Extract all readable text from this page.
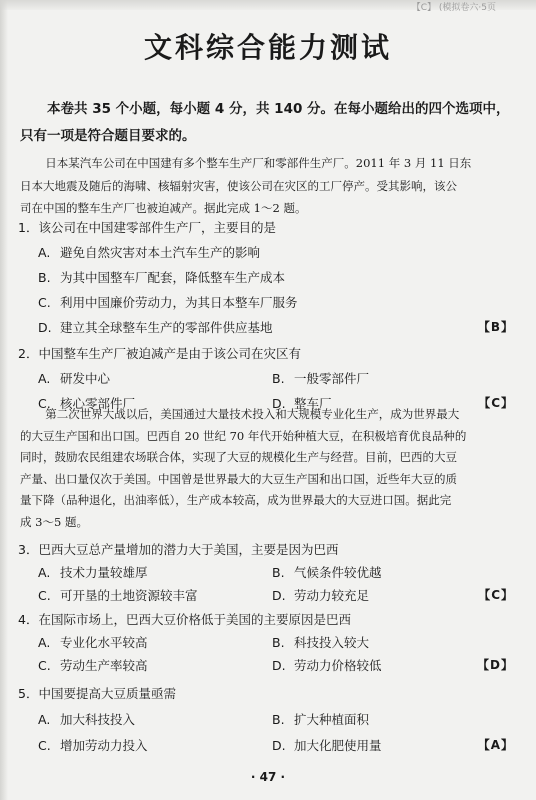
【C】 (模拟卷六·5页
文科综合能力测试
本卷共 35 个小题，每小题 4 分，共 140 分。在每小题给出的四个选项中，只有一项是符合题目要求的。
日本某汽车公司在中国建有多个整车生产厂和零部件生产厂。2011 年 3 月 11 日东
日本大地震及随后的海啸、核辐射灾害，使该公司在灾区的工厂停产。受其影响，该公
司在中国的整车生产厂也被迫减产。据此完成 1～2 题。
1．该公司在中国建零部件生产厂，主要目的是
A. 避免自然灾害对本土汽车生产的影响
B. 为其中国整车厂配套，降低整车生产成本
C. 利用中国廉价劳动力，为其日本整车厂服务
D. 建立其全球整车生产的零部件供应基地	【B】
2．中国整车生产厂被迫减产是由于该公司在灾区有
A. 研发中心	B. 一般零部件厂
C. 核心零部件厂	D. 整车厂	【C】
第二次世界大战以后，美国通过大量技术投入和大规模专业化生产，成为世界最大
的大豆生产国和出口国。巴西自 20 世纪 70 年代开始种植大豆，在积极培育优良品种的
同时，鼓励农民组建农场联合体，实现了大豆的规模化生产与经营。目前，巴西的大豆
产量、出口量仅次于美国。中国曾是世界最大的大豆生产国和出口国，近些年大豆的质
量下降（品种退化，出油率低），生产成本较高，成为世界最大的大豆进口国。据此完
成 3～5 题。
3．巴西大豆总产量增加的潜力大于美国，主要是因为巴西
A. 技术力量较雄厚	B. 气候条件较优越
C. 可开垦的土地资源较丰富	D. 劳动力较充足	【C】
4．在国际市场上，巴西大豆价格低于美国的主要原因是巴西
A. 专业化水平较高	B. 科技投入较大
C. 劳动生产率较高	D. 劳动力价格较低	【D】
5．中国要提高大豆质量亟需
· 47 ·
A. 加大科技投入	B. 扩大种植面积
C. 增加劳动力投入	D. 加大化肥使用量	【A】
